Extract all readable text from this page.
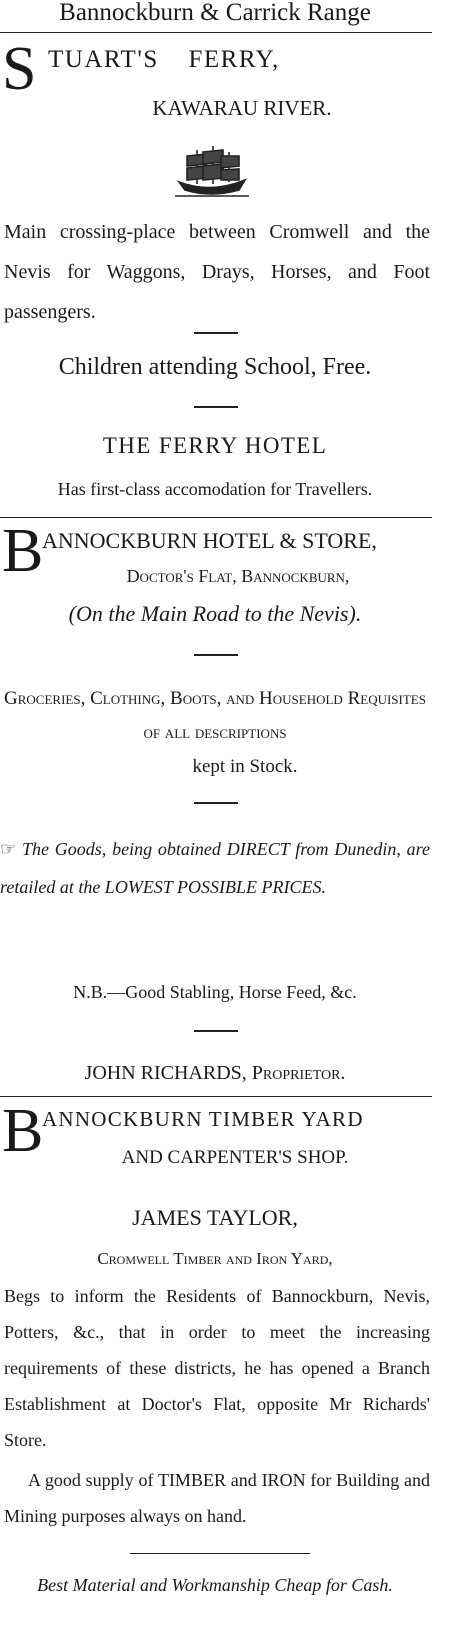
Bannockburn & Carrick Range

S TUART'S FERRY,

KAWARAU RIVER.

Main crossing-place between Cromwell and the Nevis for Waggons, Drays, Horses, and Foot passengers.

Children attending School, Free.

THE FERRY HOTEL

Has first-class accomodation for Travellers.

B

ANNOCKBURN HOTEL & STORE,

Doctor's Flat, Bannockburn,

(On the Main Road to the Nevis).

Groceries, Clothing, Boots, and Household Requisites of all descriptions

kept in Stock.

☞ The Goods, being obtained DIRECT from Dunedin, are retailed at the LOWEST POSSIBLE PRICES.

N.B.—Good Stabling, Horse Feed, &c.

JOHN RICHARDS, Proprietor.

B

ANNOCKBURN TIMBER YARD

AND CARPENTER'S SHOP.

JAMES TAYLOR,

Cromwell Timber and Iron Yard,

Begs to inform the Residents of Bannockburn, Nevis, Potters, &c., that in order to meet the increasing requirements of these districts, he has opened a Branch Establishment at Doctor's Flat, opposite Mr Richards' Store.

A good supply of TIMBER and IRON for Building and Mining purposes always on hand.

Best Material and Workmanship Cheap for Cash.
